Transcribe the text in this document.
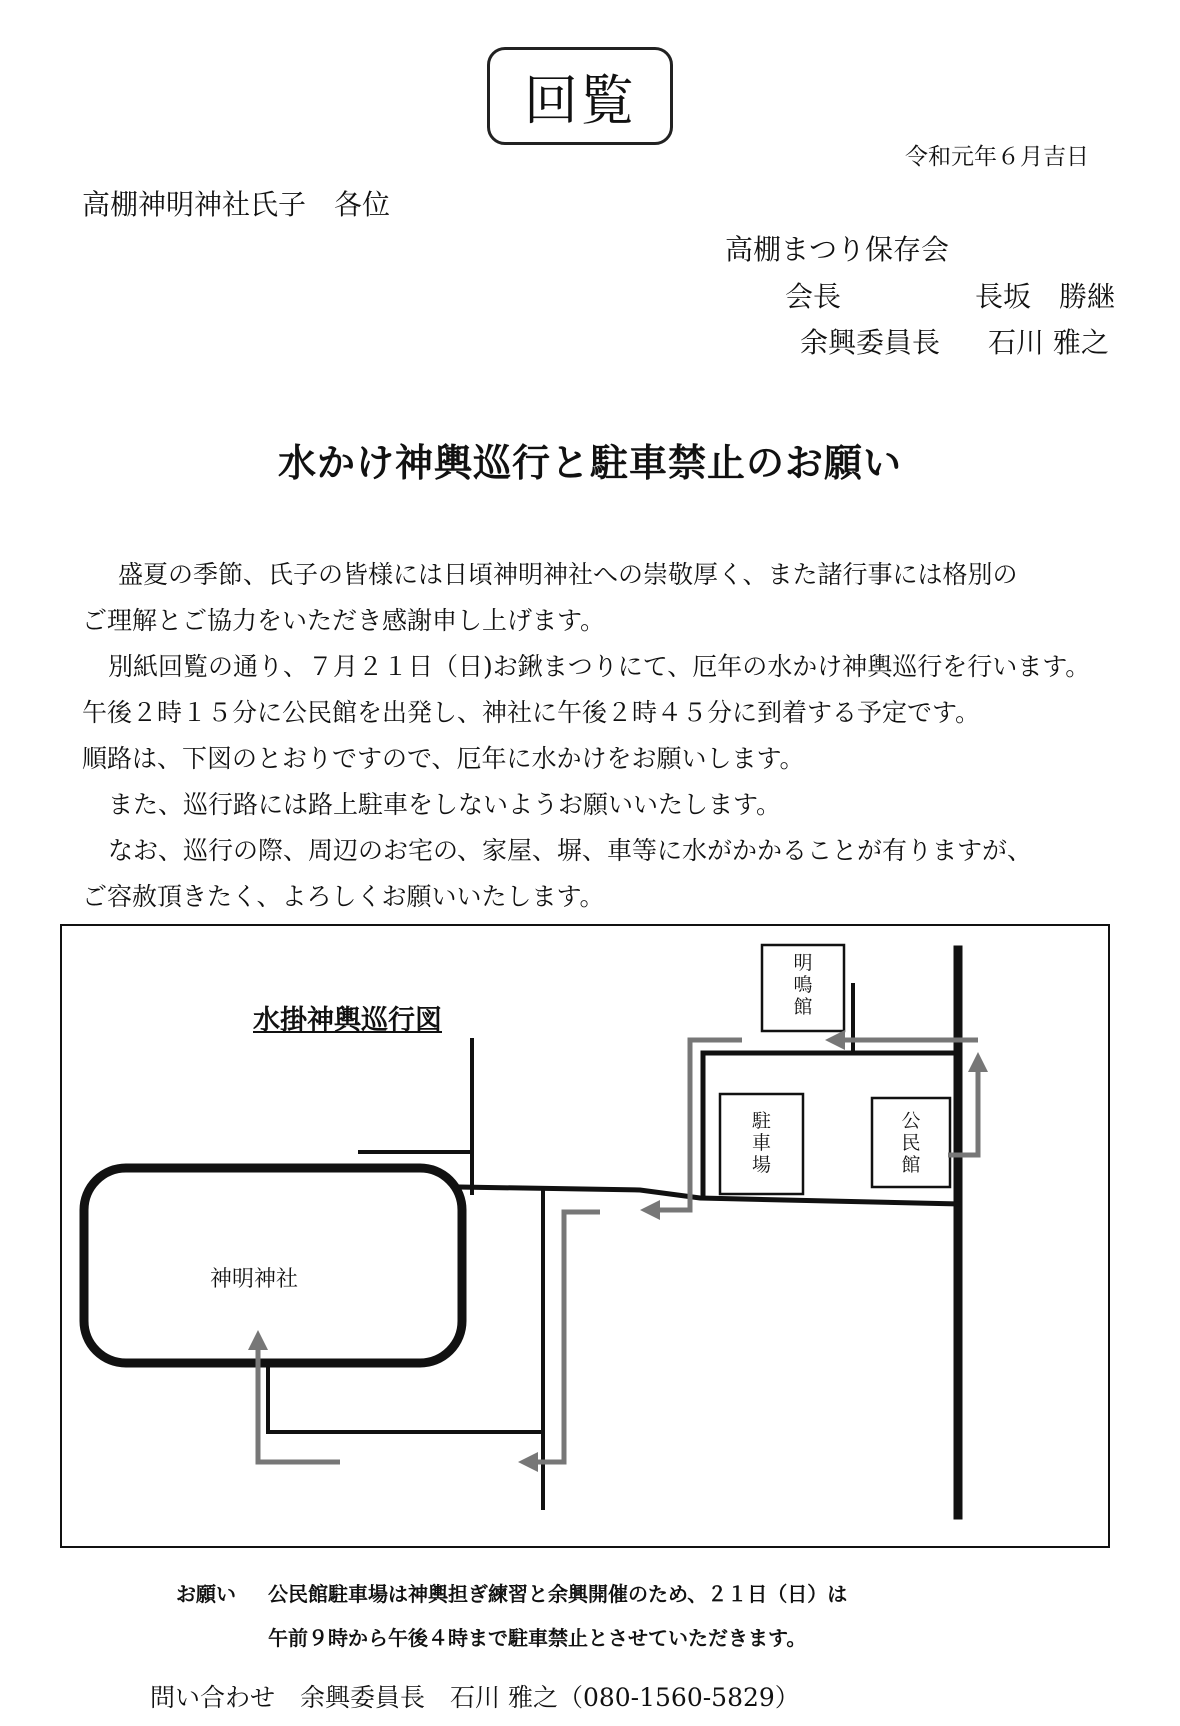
回覧
令和元年６月吉日
高棚神明神社氏子　各位
高棚まつり保存会
会長	長坂　勝継
余興委員長 石川 雅之
水かけ神輿巡行と駐車禁止のお願い
盛夏の季節、氏子の皆様には日頃神明神社への崇敬厚く、また諸行事には格別の
ご理解とご協力をいただき感謝申し上げます。
別紙回覧の通り、７月２１日（日)お鍬まつりにて、厄年の水かけ神輿巡行を行います。
午後２時１５分に公民館を出発し、神社に午後２時４５分に到着する予定です。
順路は、下図のとおりですので、厄年に水かけをお願いします。
また、巡行路には路上駐車をしないようお願いいたします。
なお、巡行の際、周辺のお宅の、家屋、塀、車等に水がかかることが有りますが、
ご容赦頂きたく、よろしくお願いいたします。
水掛神輿巡行図
明
鳴
館
駐
車
場
公
民
館
神明神社
お願い 公民館駐車場は神輿担ぎ練習と余興開催のため、２１日（日）は
午前９時から午後４時まで駐車禁止とさせていただきます。
問い合わせ　余興委員長　石川 雅之（080-1560-5829）
